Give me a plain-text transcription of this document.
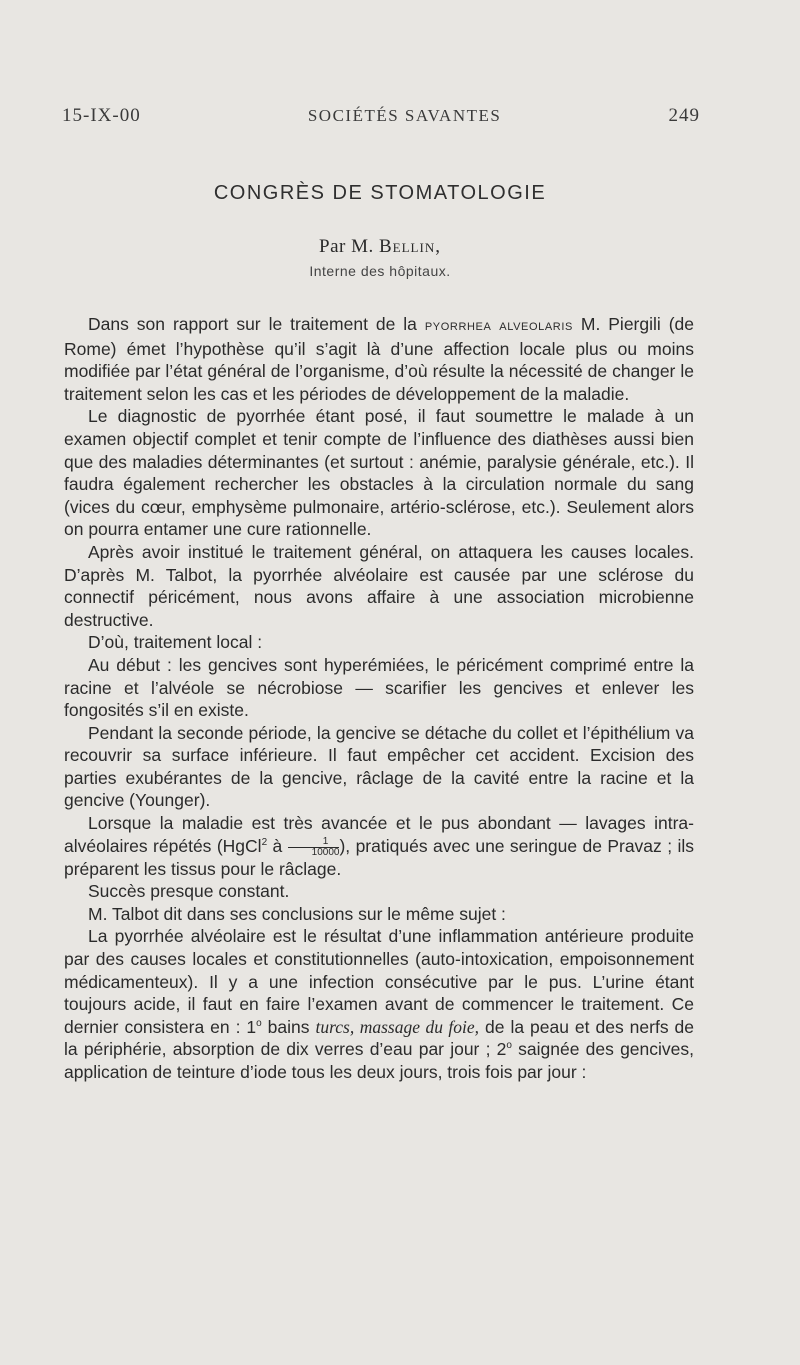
15-IX-00	SOCIÉTÉS SAVANTES	249
CONGRÈS DE STOMATOLOGIE
Par M. Bellin,
Interne des hôpitaux.

Dans son rapport sur le traitement de la pyorrhea alveolaris M. Piergili (de Rome) émet l’hypothèse qu’il s’agit là d’une affection locale plus ou moins modifiée par l’état général de l’organisme, d’où résulte la nécessité de changer le traitement selon les cas et les périodes de développement de la maladie.

Le diagnostic de pyorrhée étant posé, il faut soumettre le malade à un examen objectif complet et tenir compte de l’influence des diathèses aussi bien que des maladies déterminantes (et surtout : anémie, paralysie générale, etc.). Il faudra également rechercher les obstacles à la circulation normale du sang (vices du cœur, emphysème pulmonaire, artério-sclérose, etc.). Seulement alors on pourra entamer une cure rationnelle.

Après avoir institué le traitement général, on attaquera les causes locales. D’après M. Talbot, la pyorrhée alvéolaire est causée par une sclérose du connectif péricément, nous avons affaire à une association microbienne destructive.

D’où, traitement local :

Au début : les gencives sont hyperémiées, le péricément comprimé entre la racine et l’alvéole se nécrobiose — scarifier les gencives et enlever les fongosités s’il en existe.

Pendant la seconde période, la gencive se détache du collet et l’épithélium va recouvrir sa surface inférieure. Il faut empêcher cet accident. Excision des parties exubérantes de la gencive, râclage de la cavité entre la racine et la gencive (Younger).

Lorsque la maladie est très avancée et le pus abondant — lavages intra-alvéolaires répétés (HgCl$^2$ à $\frac{1}{10000}$ ), pratiqués avec une seringue de Pravaz ; ils préparent les tissus pour le râclage.

Succès presque constant.

M. Talbot dit dans ses conclusions sur le même sujet :

La pyorrhée alvéolaire est le résultat d’une inflammation antérieure produite par des causes locales et constitutionnelles (auto-intoxication, empoisonnement médicamenteux). Il y a une infection consécutive par le pus. L’urine étant toujours acide, il faut en faire l’examen avant de commencer le traitement. Ce dernier consistera en : 1$^o$ bains turcs, massage du foie, de la peau et des nerfs de la périphérie, absorption de dix verres d’eau par jour ; 2$^o$ saignée des gencives, application de teinture d’iode tous les deux jours, trois fois par jour :
